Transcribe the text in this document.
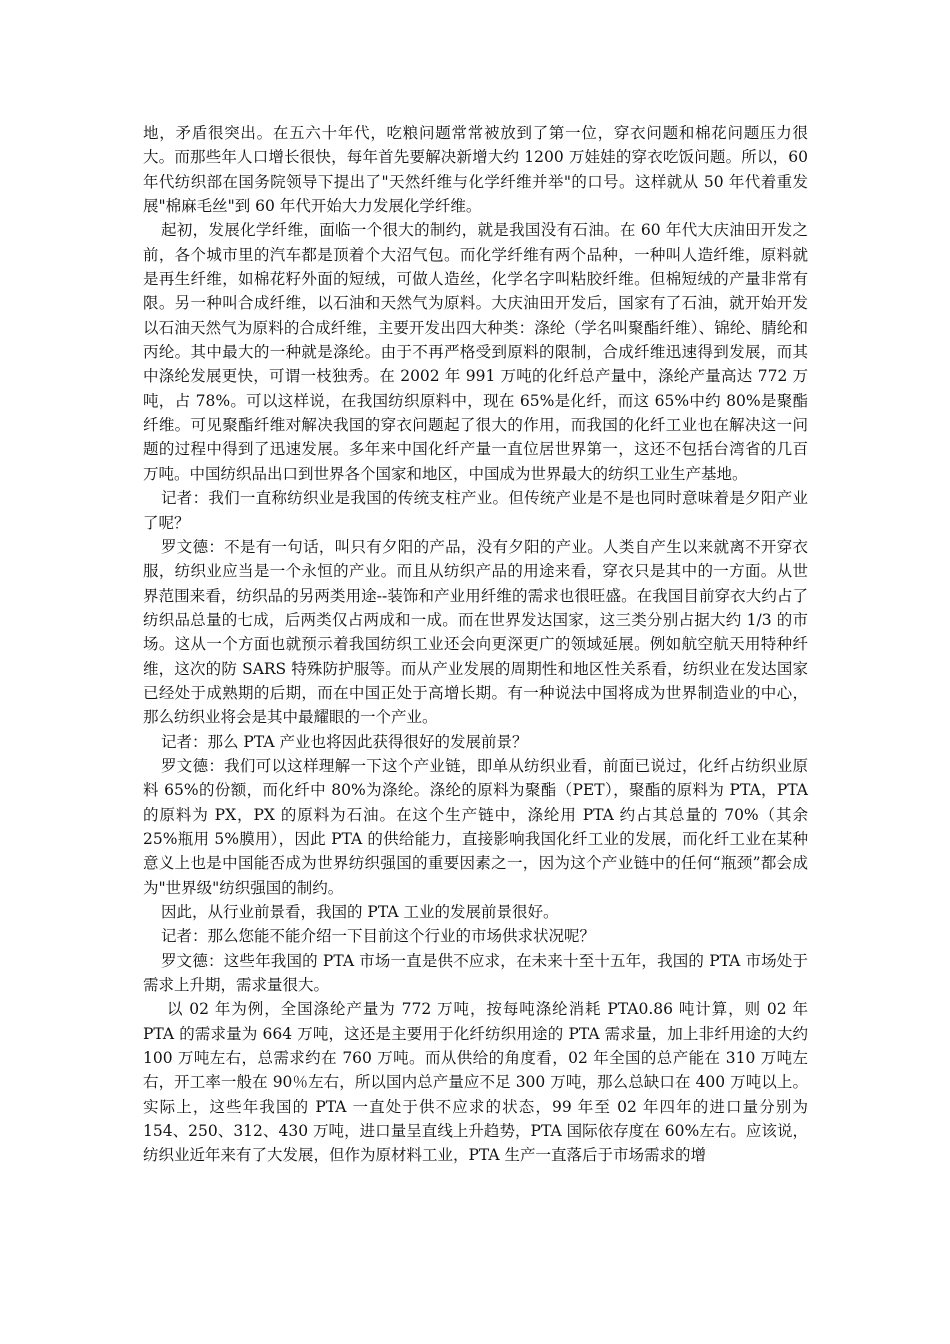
地，矛盾很突出。在五六十年代，吃粮问题常常被放到了第一位，穿衣问题和棉花问题压力很大。而那些年人口增长很快，每年首先要解决新增大约 1200 万娃娃的穿衣吃饭问题。所以，60 年代纺织部在国务院领导下提出了"天然纤维与化学纤维并举"的口号。这样就从 50 年代着重发展"棉麻毛丝"到 60 年代开始大力发展化学纤维。

起初，发展化学纤维，面临一个很大的制约，就是我国没有石油。在 60 年代大庆油田开发之前，各个城市里的汽车都是顶着个大沼气包。而化学纤维有两个品种，一种叫人造纤维，原料就是再生纤维，如棉花籽外面的短绒，可做人造丝，化学名字叫粘胶纤维。但棉短绒的产量非常有限。另一种叫合成纤维，以石油和天然气为原料。大庆油田开发后，国家有了石油，就开始开发以石油天然气为原料的合成纤维，主要开发出四大种类：涤纶（学名叫聚酯纤维）、锦纶、腈纶和丙纶。其中最大的一种就是涤纶。由于不再严格受到原料的限制，合成纤维迅速得到发展，而其中涤纶发展更快，可谓一枝独秀。在 2002 年 991 万吨的化纤总产量中，涤纶产量高达 772 万吨，占 78%。可以这样说，在我国纺织原料中，现在 65%是化纤，而这 65%中约 80%是聚酯纤维。可见聚酯纤维对解决我国的穿衣问题起了很大的作用，而我国的化纤工业也在解决这一问题的过程中得到了迅速发展。多年来中国化纤产量一直位居世界第一，这还不包括台湾省的几百万吨。中国纺织品出口到世界各个国家和地区，中国成为世界最大的纺织工业生产基地。

记者：我们一直称纺织业是我国的传统支柱产业。但传统产业是不是也同时意味着是夕阳产业了呢？

罗文德：不是有一句话，叫只有夕阳的产品，没有夕阳的产业。人类自产生以来就离不开穿衣服，纺织业应当是一个永恒的产业。而且从纺织产品的用途来看，穿衣只是其中的一方面。从世界范围来看，纺织品的另两类用途--装饰和产业用纤维的需求也很旺盛。在我国目前穿衣大约占了纺织品总量的七成，后两类仅占两成和一成。而在世界发达国家，这三类分别占据大约 1/3 的市场。这从一个方面也就预示着我国纺织工业还会向更深更广的领域延展。例如航空航天用特种纤维，这次的防 SARS 特殊防护服等。而从产业发展的周期性和地区性关系看，纺织业在发达国家已经处于成熟期的后期，而在中国正处于高增长期。有一种说法中国将成为世界制造业的中心，那么纺织业将会是其中最耀眼的一个产业。

记者：那么 PTA 产业也将因此获得很好的发展前景？

罗文德：我们可以这样理解一下这个产业链，即单从纺织业看，前面已说过，化纤占纺织业原料 65%的份额，而化纤中 80%为涤纶。涤纶的原料为聚酯（PET），聚酯的原料为 PTA，PTA 的原料为 PX，PX 的原料为石油。在这个生产链中，涤纶用 PTA 约占其总量的 70%（其余 25%瓶用 5%膜用），因此 PTA 的供给能力，直接影响我国化纤工业的发展，而化纤工业在某种意义上也是中国能否成为世界纺织强国的重要因素之一，因为这个产业链中的任何“瓶颈”都会成为"世界级"纺织强国的制约。

因此，从行业前景看，我国的 PTA 工业的发展前景很好。

记者：那么您能不能介绍一下目前这个行业的市场供求状况呢？

罗文德：这些年我国的 PTA 市场一直是供不应求，在未来十至十五年，我国的 PTA 市场处于需求上升期，需求量很大。

以 02 年为例，全国涤纶产量为 772 万吨，按每吨涤纶消耗 PTA0.86 吨计算，则 02 年 PTA 的需求量为 664 万吨，这还是主要用于化纤纺织用途的 PTA 需求量，加上非纤用途的大约 100 万吨左右，总需求约在 760 万吨。而从供给的角度看，02 年全国的总产能在 310 万吨左右，开工率一般在 90％左右，所以国内总产量应不足 300 万吨，那么总缺口在 400 万吨以上。实际上，这些年我国的 PTA 一直处于供不应求的状态，99 年至 02 年四年的进口量分别为 154、250、312、430 万吨，进口量呈直线上升趋势，PTA 国际依存度在 60%左右。应该说，纺织业近年来有了大发展，但作为原材料工业，PTA 生产一直落后于市场需求的增
